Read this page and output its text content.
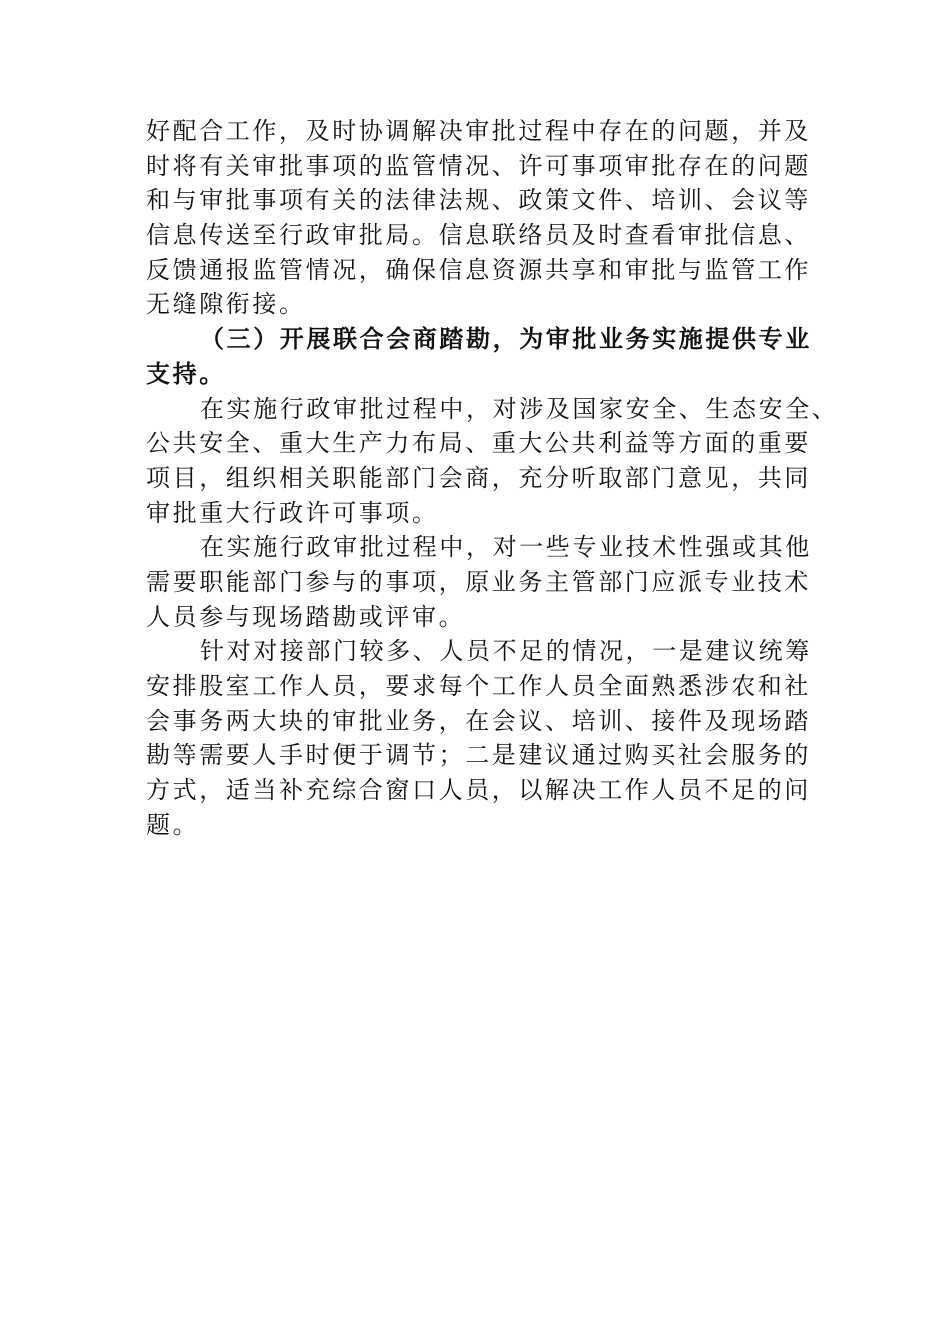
好配合工作，及时协调解决审批过程中存在的问题，并及
时将有关审批事项的监管情况、许可事项审批存在的问题
和与审批事项有关的法律法规、政策文件、培训、会议等
信息传送至行政审批局。信息联络员及时查看审批信息、
反馈通报监管情况，确保信息资源共享和审批与监管工作
无缝隙衔接。
（三）开展联合会商踏勘，为审批业务实施提供专业
支持。
在实施行政审批过程中，对涉及国家安全、生态安全、
公共安全、重大生产力布局、重大公共利益等方面的重要
项目，组织相关职能部门会商，充分听取部门意见，共同
审批重大行政许可事项。
在实施行政审批过程中，对一些专业技术性强或其他
需要职能部门参与的事项，原业务主管部门应派专业技术
人员参与现场踏勘或评审。
针对对接部门较多、人员不足的情况，一是建议统筹
安排股室工作人员，要求每个工作人员全面熟悉涉农和社
会事务两大块的审批业务，在会议、培训、接件及现场踏
勘等需要人手时便于调节；二是建议通过购买社会服务的
方式，适当补充综合窗口人员，以解决工作人员不足的问
题。
